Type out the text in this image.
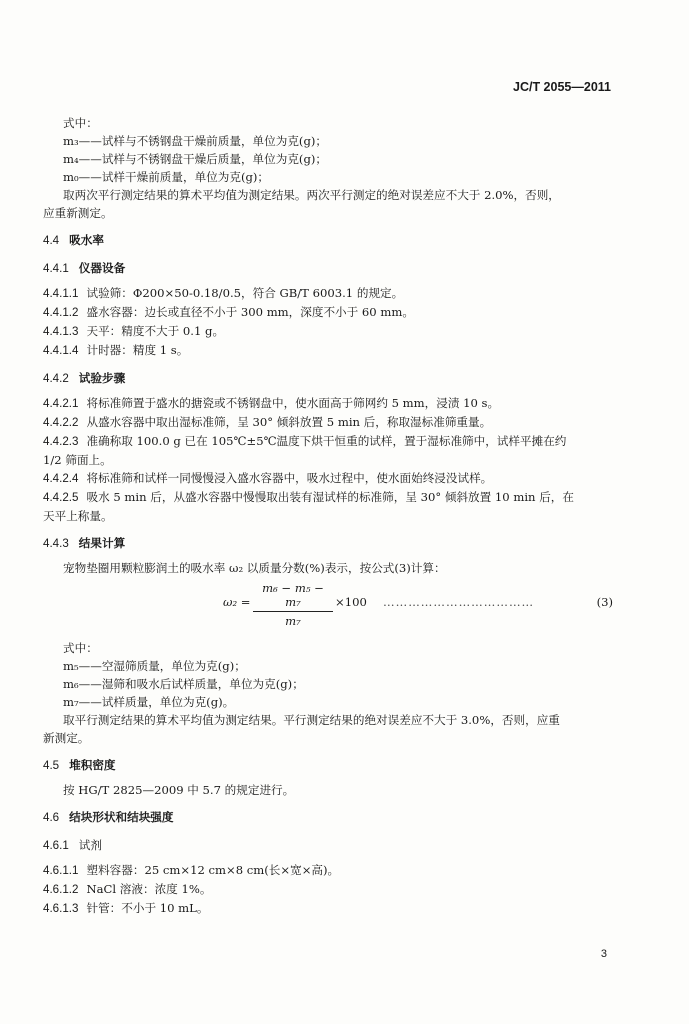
JC/T 2055—2011
式中：
m₃——试样与不锈钢盘干燥前质量，单位为克(g)；
m₄——试样与不锈钢盘干燥后质量，单位为克(g)；
m₀——试样干燥前质量，单位为克(g)；
取两次平行测定结果的算术平均值为测定结果。两次平行测定的绝对误差应不大于 2.0%，否则，
应重新测定。
4.4 吸水率
4.4.1 仪器设备
4.4.1.1 试验筛：Φ200×50-0.18/0.5，符合 GB/T 6003.1 的规定。
4.4.1.2 盛水容器：边长或直径不小于 300 mm，深度不小于 60 mm。
4.4.1.3 天平：精度不大于 0.1 g。
4.4.1.4 计时器：精度 1 s。
4.4.2 试验步骤
4.4.2.1 将标准筛置于盛水的搪瓷或不锈钢盘中，使水面高于筛网约 5 mm，浸渍 10 s。
4.4.2.2 从盛水容器中取出湿标准筛，呈 30° 倾斜放置 5 min 后，称取湿标准筛重量。
4.4.2.3 准确称取 100.0 g 已在 105℃±5℃温度下烘干恒重的试样，置于湿标准筛中，试样平摊在约
1/2 筛面上。
4.4.2.4 将标准筛和试样一同慢慢浸入盛水容器中，吸水过程中，使水面始终浸没试样。
4.4.2.5 吸水 5 min 后，从盛水容器中慢慢取出装有湿试样的标准筛，呈 30° 倾斜放置 10 min 后，在
天平上称量。
4.4.3 结果计算
宠物垫圈用颗粒膨润土的吸水率 ω₂ 以质量分数(%)表示，按公式(3)计算：
$\omega_2 = \frac{\text{m₆ − m₅ − m₇}}{\text{m₇}} \times 100$ ………………………………	(3)
式中：
m₅——空湿筛质量，单位为克(g)；
m₆——湿筛和吸水后试样质量，单位为克(g)；
m₇——试样质量，单位为克(g)。
取平行测定结果的算术平均值为测定结果。平行测定结果的绝对误差应不大于 3.0%，否则，应重
新测定。
4.5 堆积密度
按 HG/T 2825—2009 中 5.7 的规定进行。
4.6 结块形状和结块强度
4.6.1 试剂
4.6.1.1 塑料容器：25 cm×12 cm×8 cm(长×宽×高)。
4.6.1.2 NaCl 溶液：浓度 1%。
4.6.1.3 针管：不小于 10 mL。
3
